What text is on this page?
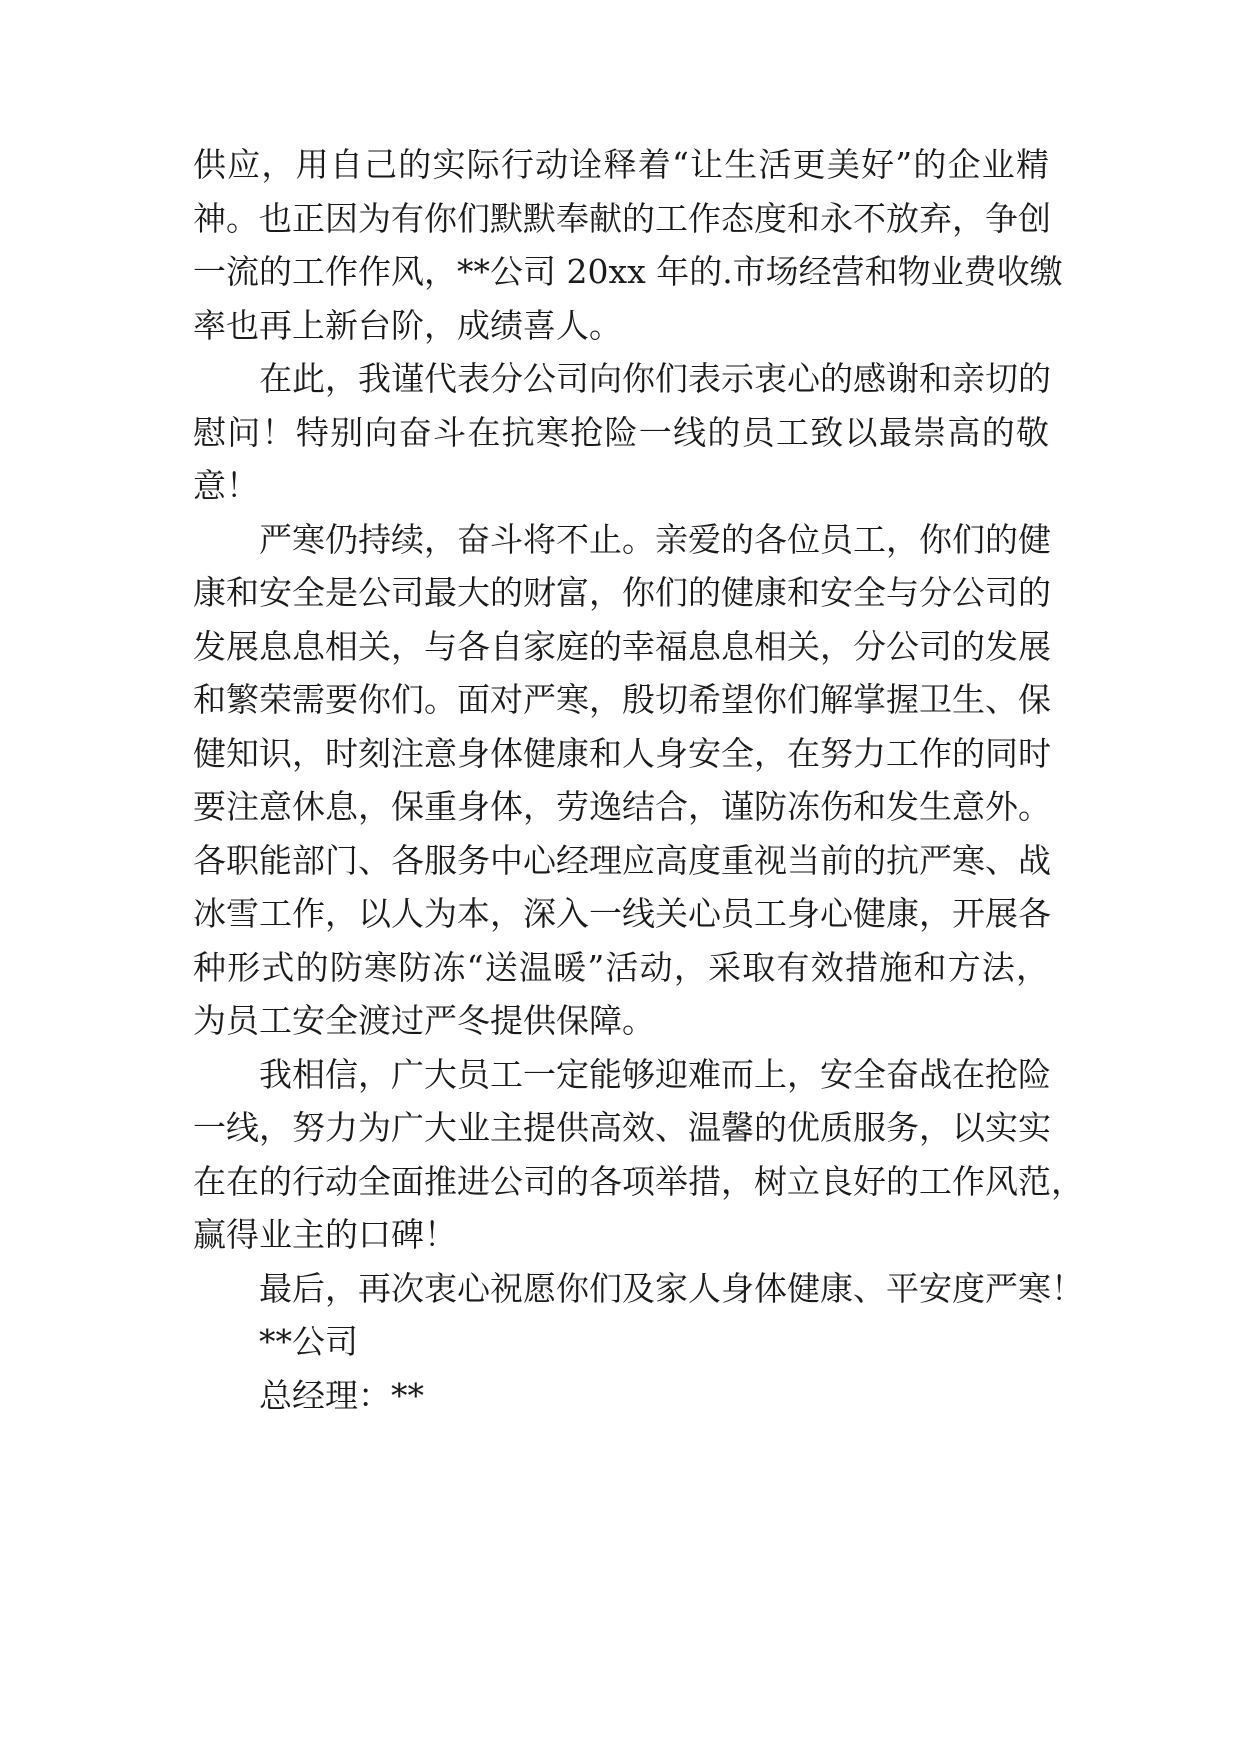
供应，用自己的实际行动诠释着“让生活更美好”的企业精
神。也正因为有你们默默奉献的工作态度和永不放弃，争创
一流的工作作风，**公司 20xx 年的.市场经营和物业费收缴
率也再上新台阶，成绩喜人。
在此，我谨代表分公司向你们表示衷心的感谢和亲切的
慰问！特别向奋斗在抗寒抢险一线的员工致以最崇高的敬
意！
严寒仍持续，奋斗将不止。亲爱的各位员工，你们的健
康和安全是公司最大的财富，你们的健康和安全与分公司的
发展息息相关，与各自家庭的幸福息息相关，分公司的发展
和繁荣需要你们。面对严寒，殷切希望你们解掌握卫生、保
健知识，时刻注意身体健康和人身安全，在努力工作的同时
要注意休息，保重身体，劳逸结合，谨防冻伤和发生意外。
各职能部门、各服务中心经理应高度重视当前的抗严寒、战
冰雪工作，以人为本，深入一线关心员工身心健康，开展各
种形式的防寒防冻“送温暖”活动，采取有效措施和方法，
为员工安全渡过严冬提供保障。
我相信，广大员工一定能够迎难而上，安全奋战在抢险
一线，努力为广大业主提供高效、温馨的优质服务，以实实
在在的行动全面推进公司的各项举措，树立良好的工作风范，
赢得业主的口碑！
最后，再次衷心祝愿你们及家人身体健康、平安度严寒！
**公司
总经理：**
